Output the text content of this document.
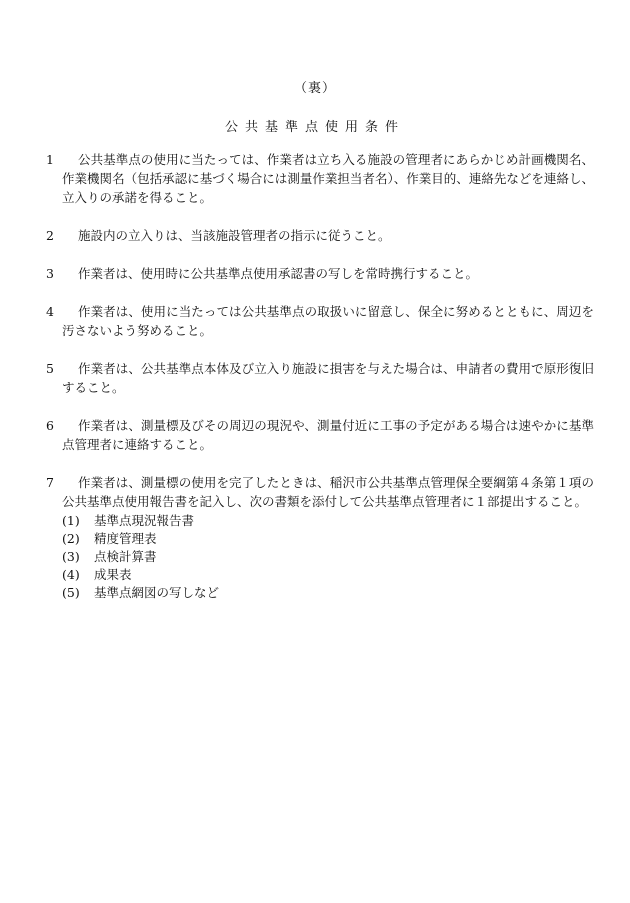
（裏）
公共基準点使用条件
1	公共基準点の使用に当たっては、作業者は立ち入る施設の管理者にあらかじめ計画機関名、作業機関名（包括承認に基づく場合には測量作業担当者名）、作業目的、連絡先などを連絡し、立入りの承諾を得ること。
2	施設内の立入りは、当該施設管理者の指示に従うこと。
3	作業者は、使用時に公共基準点使用承認書の写しを常時携行すること。
4	作業者は、使用に当たっては公共基準点の取扱いに留意し、保全に努めるとともに、周辺を汚さないよう努めること。
5	作業者は、公共基準点本体及び立入り施設に損害を与えた場合は、申請者の費用で原形復旧すること。
6	作業者は、測量標及びその周辺の現況や、測量付近に工事の予定がある場合は速やかに基準点管理者に連絡すること。
7	作業者は、測量標の使用を完了したときは、稲沢市公共基準点管理保全要綱第４条第１項の公共基準点使用報告書を記入し、次の書類を添付して公共基準点管理者に１部提出すること。
(1) 基準点現況報告書
(2) 精度管理表
(3) 点検計算書
(4) 成果表
(5) 基準点網図の写しなど
